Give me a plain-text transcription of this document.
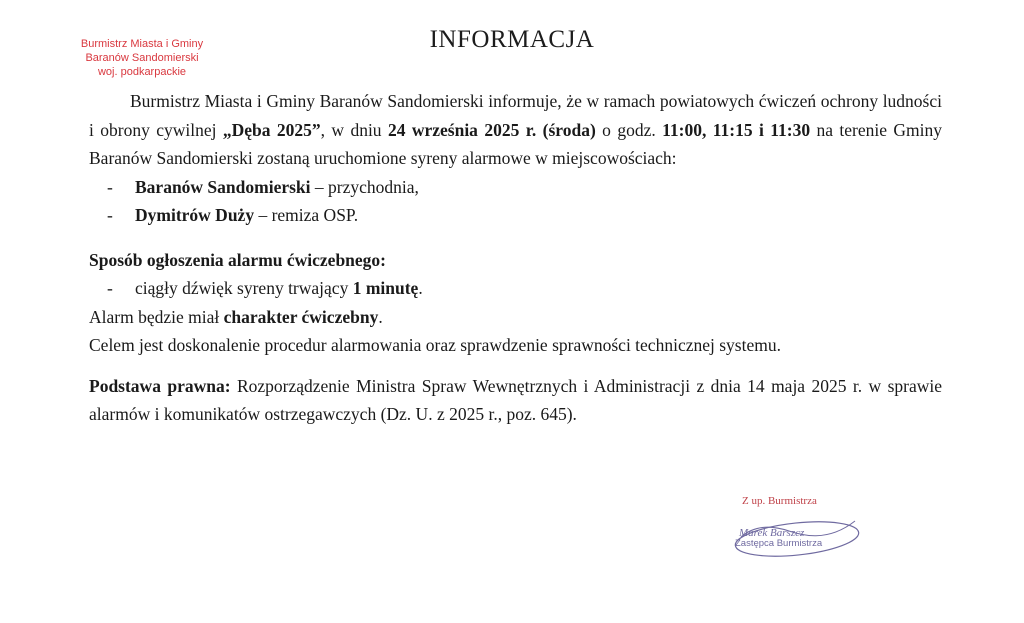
Burmistrz Miasta i Gminy
Baranów Sandomierski
woj. podkarpackie
INFORMACJA

Burmistrz Miasta i Gminy Baranów Sandomierski informuje, że w ramach powiatowych ćwiczeń ochrony ludności i obrony cywilnej „Dęba 2025”, w dniu 24 września 2025 r. (środa) o godz. 11:00, 11:15 i 11:30 na terenie Gminy Baranów Sandomierski zostaną uruchomione syreny alarmowe w miejscowościach:

- Baranów Sandomierski – przychodnia,
- Dymitrów Duży – remiza OSP.
Sposób ogłoszenia alarmu ćwiczebnego:
- ciągły dźwięk syreny trwający 1 minutę.
Alarm będzie miał charakter ćwiczebny.

Celem jest doskonalenie procedur alarmowania oraz sprawdzenie sprawności technicznej systemu.

Podstawa prawna: Rozporządzenie Ministra Spraw Wewnętrznych i Administracji z dnia 14 maja 2025 r. w sprawie alarmów i komunikatów ostrzegawczych (Dz. U. z 2025 r., poz. 645).

Z up. Burmistrza
Marek Barszcz
Zastępca Burmistrza
